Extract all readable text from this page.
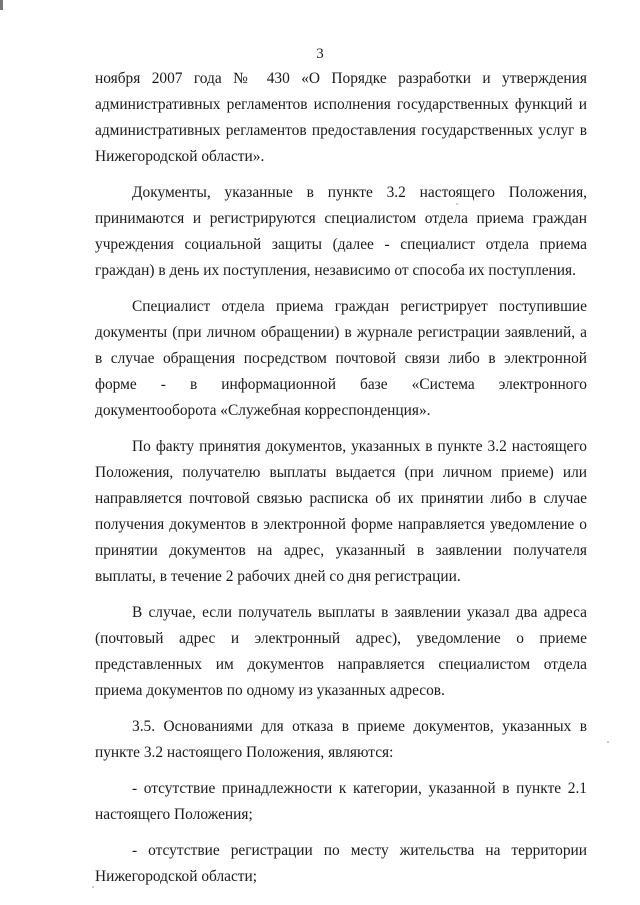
3

ноября 2007 года № 430 «О Порядке разработки и утверждения административных регламентов исполнения государственных функций и административных регламентов предоставления государственных услуг в Нижегородской области».

Документы, указанные в пункте 3.2 настоящего Положения, принимаются и регистрируются специалистом отдела приема граждан учреждения социальной защиты (далее - специалист отдела приема граждан) в день их поступления, независимо от способа их поступления.

Специалист отдела приема граждан регистрирует поступившие документы (при личном обращении) в журнале регистрации заявлений, а в случае обращения посредством почтовой связи либо в электронной форме - в информационной базе «Система электронного документооборота «Служебная корреспонденция».

По факту принятия документов, указанных в пункте 3.2 настоящего Положения, получателю выплаты выдается (при личном приеме) или направляется почтовой связью расписка об их принятии либо в случае получения документов в электронной форме направляется уведомление о принятии документов на адрес, указанный в заявлении получателя выплаты, в течение 2 рабочих дней со дня регистрации.

В случае, если получатель выплаты в заявлении указал два адреса (почтовый адрес и электронный адрес), уведомление о приеме представленных им документов направляется специалистом отдела приема документов по одному из указанных адресов.

3.5. Основаниями для отказа в приеме документов, указанных в пункте 3.2 настоящего Положения, являются:

- отсутствие принадлежности к категории, указанной в пункте 2.1 настоящего Положения;

- отсутствие регистрации по месту жительства на территории Нижегородской области;
